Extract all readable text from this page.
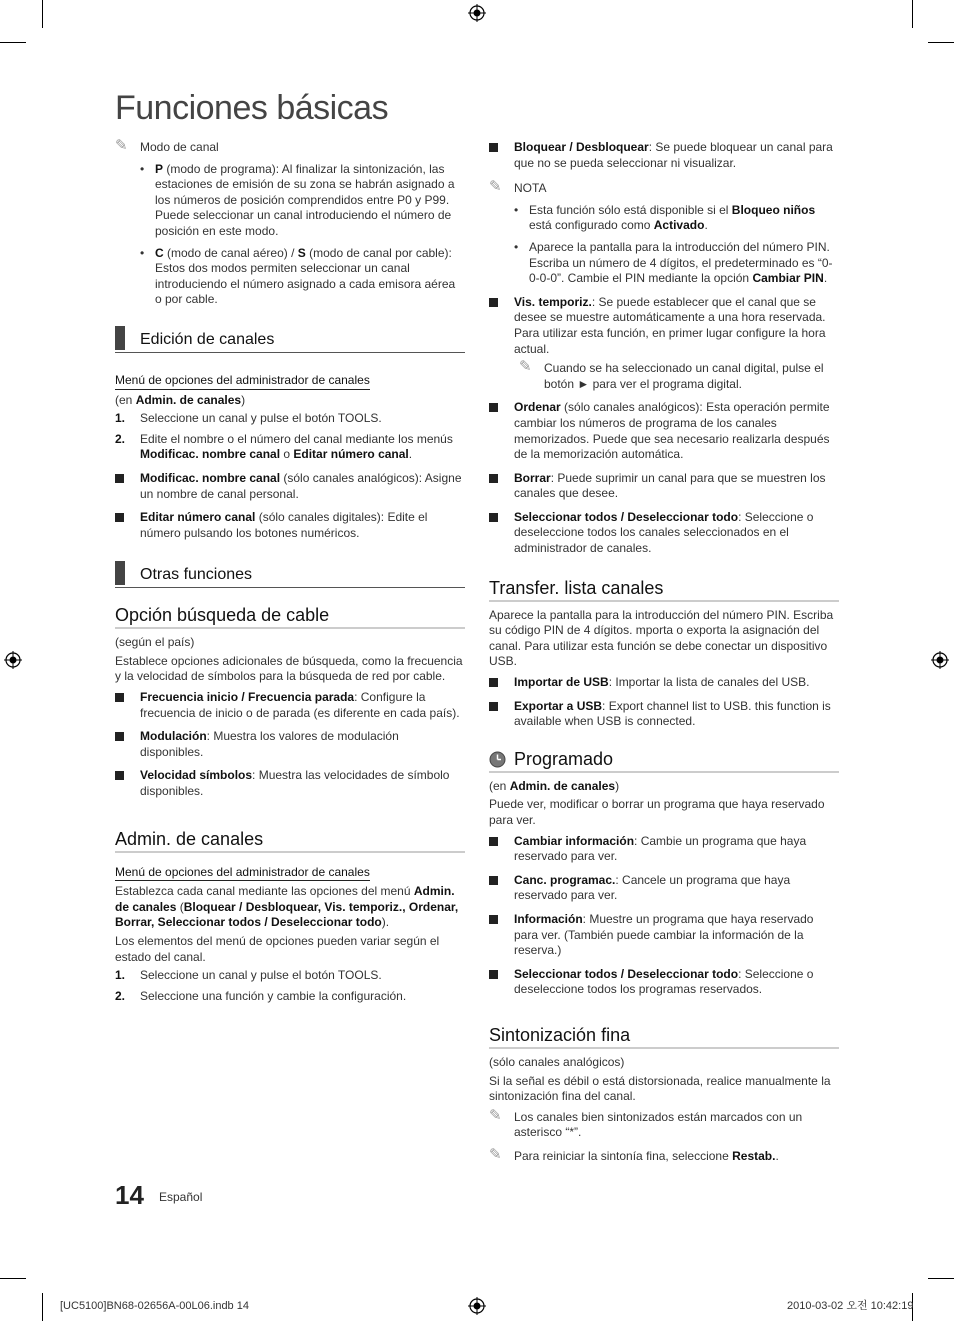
Funciones básicas
✎ Modo de canal
• P (modo de programa): Al finalizar la sintonización, las estaciones de emisión de su zona se habrán asignado a los números de posición comprendidos entre P0 y P99. Puede seleccionar un canal introduciendo el número de posición en este modo.
• C (modo de canal aéreo) / S (modo de canal por cable): Estos dos modos permiten seleccionar un canal introduciendo el número asignado a cada emisora aérea o por cable.
Edición de canales
Menú de opciones del administrador de canales

(en Admin. de canales)

1. Seleccione un canal y pulse el botón TOOLS.
2. Edite el nombre o el número del canal mediante los menús Modificac. nombre canal o Editar número canal.
Modificac. nombre canal (sólo canales analógicos): Asigne un nombre de canal personal.
Editar número canal (sólo canales digitales): Edite el número pulsando los botones numéricos.
Otras funciones
Opción búsqueda de cable

(según el país)

Establece opciones adicionales de búsqueda, como la frecuencia y la velocidad de símbolos para la búsqueda de red por cable.

Frecuencia inicio / Frecuencia parada: Configure la frecuencia de inicio o de parada (es diferente en cada país).
Modulación: Muestra los valores de modulación disponibles.
Velocidad símbolos: Muestra las velocidades de símbolo disponibles.
Admin. de canales
Menú de opciones del administrador de canales

Establezca cada canal mediante las opciones del menú Admin. de canales (Bloquear / Desbloquear, Vis. temporiz., Ordenar, Borrar, Seleccionar todos / Deseleccionar todo).

Los elementos del menú de opciones pueden variar según el estado del canal.

1. Seleccione un canal y pulse el botón TOOLS.
2. Seleccione una función y cambie la configuración.
Bloquear / Desbloquear: Se puede bloquear un canal para que no se pueda seleccionar ni visualizar.
✎ NOTA
• Esta función sólo está disponible si el Bloqueo niños está configurado como Activado.
• Aparece la pantalla para la introducción del número PIN. Escriba un número de 4 dígitos, el predeterminado es “0-0-0-0”. Cambie el PIN mediante la opción Cambiar PIN.
Vis. temporiz.: Se puede establecer que el canal que se desee se muestre automáticamente a una hora reservada. Para utilizar esta función, en primer lugar configure la hora actual.
✎ Cuando se ha seleccionado un canal digital, pulse el botón ► para ver el programa digital.
Ordenar (sólo canales analógicos): Esta operación permite cambiar los números de programa de los canales memorizados. Puede que sea necesario realizarla después de la memorización automática.
Borrar: Puede suprimir un canal para que se muestren los canales que desee.
Seleccionar todos / Deseleccionar todo: Seleccione o deseleccione todos los canales seleccionados en el administrador de canales.
Transfer. lista canales

Aparece la pantalla para la introducción del número PIN. Escriba su código PIN de 4 dígitos. mporta o exporta la asignación del canal. Para utilizar esta función se debe conectar un dispositivo USB.

Importar de USB: Importar la lista de canales del USB.
Exportar a USB: Export channel list to USB. this function is available when USB is connected.
Programado

(en Admin. de canales)

Puede ver, modificar o borrar un programa que haya reservado para ver.

Cambiar información: Cambie un programa que haya reservado para ver.
Canc. programac.: Cancele un programa que haya reservado para ver.
Información: Muestre un programa que haya reservado para ver. (También puede cambiar la información de la reserva.)
Seleccionar todos / Deseleccionar todo: Seleccione o deseleccione todos los programas reservados.
Sintonización fina

(sólo canales analógicos)

Si la señal es débil o está distorsionada, realice manualmente la sintonización fina del canal.

✎ Los canales bien sintonizados están marcados con un asterisco “*”.
✎ Para reiniciar la sintonía fina, seleccione Restab..
14 Español
[UC5100]BN68-02656A-00L06.indb 14	2010-03-02 오전 10:42:19
